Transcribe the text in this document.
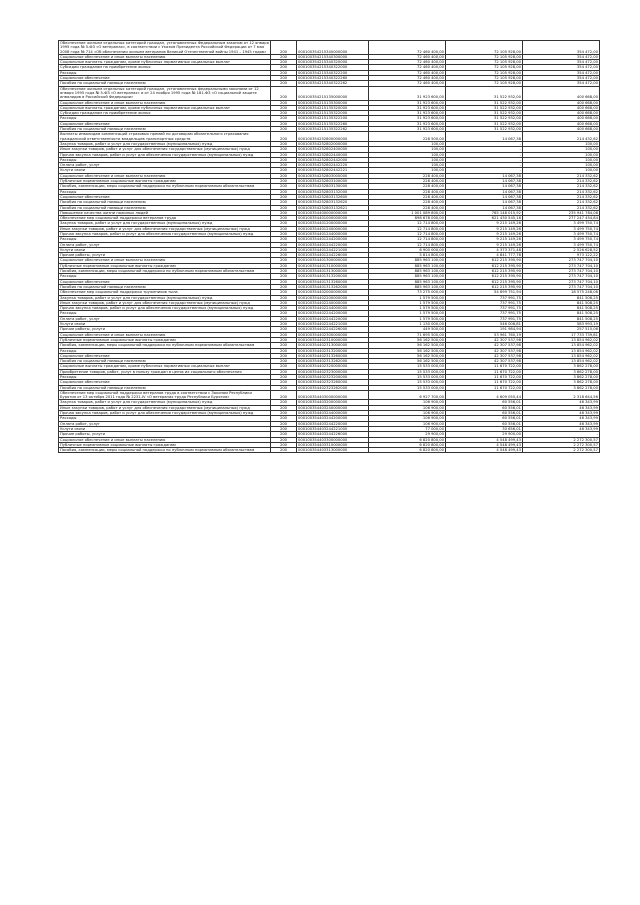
Обеспечение жильем отдельных категорий граждан, установленных Федеральным законом от 12 января 1995 года № 5-ФЗ «О ветеранах», в соответствии с Указом Президента Российской Федерации от 7 мая 2008 года № 714 «Об обеспечении жильем ветеранов Великой Отечественной войны 1941 – 1945 годов»	200	000100354215340000000	72 460 400,00	72 105 928,00	354 472,00
Социальное обеспечение и иные выплаты населению	200	000100354215340300000	72 460 400,00	72 105 928,00	354 472,00
Социальные выплаты гражданам, кроме публичных нормативных социальных выплат	200	000100354215340320000	72 460 400,00	72 105 928,00	354 472,00
Субсидии гражданам на приобретение жилья	200	000100354215340322000	72 460 400,00	72 105 928,00	354 472,00
Расходы	200	000100354215340322200	72 460 400,00	72 105 928,00	354 472,00
Социальное обеспечение	200	000100354215340322260	72 460 400,00	72 105 928,00	354 472,00
Пособия по социальной помощи населению	200	000100354215340322262	72 460 400,00	72 105 928,00	354 472,00
Обеспечение жильем отдельных категорий граждан, установленных федеральными законами от 12 января 1995 года № 5-ФЗ «О ветеранах» и от 24 ноября 1995 года № 181-ФЗ «О социальной защите инвалидов в Российской Федерации»	200	000100354215135000000	31 923 600,00	31 522 932,00	400 668,00
Социальное обеспечение и иные выплаты населению	200	000100354215135300000	31 923 600,00	31 522 932,00	400 668,00
Социальные выплаты гражданам, кроме публичных нормативных социальных выплат	200	000100354215135320000	31 923 600,00	31 522 932,00	400 668,00
Субсидии гражданам на приобретение жилья	200	000100354215135322000	31 923 600,00	31 522 932,00	400 668,00
Расходы	200	000100354215135322200	31 923 600,00	31 522 932,00	400 668,00
Социальное обеспечение	200	000100354215135322260	31 923 600,00	31 522 932,00	400 668,00
Пособия по социальной помощи населению	200	000100354215135322262	31 923 600,00	31 522 932,00	400 668,00
Выплаты инвалидам компенсаций страховых премий по договорам обязательного страхования гражданской ответственности владельцев транспортных средств	200	000100354252800000000	228 500,00	14 067,38	214 432,62
Закупка товаров, работ и услуг для государственных (муниципальных) нужд	200	000100354252802000000	100,00	-	100,00
Иные закупки товаров, работ и услуг для обеспечения государственных (муниципальных) нужд	200	000100354252802400000	100,00	-	100,00
Прочая закупка товаров, работ и услуг для обеспечения государственных (муниципальных) нужд	200	000100354252802440000	100,00	-	100,00
Расходы	200	000100354252802442000	100,00	-	100,00
Оплата работ, услуг	200	000100354252802442220	100,00	-	100,00
Услуги связи	200	000100354252802442221	100,00	-	100,00
Социальное обеспечение и иные выплаты населению	200	000100354252803000000	228 400,00	14 067,38	214 332,62
Публичные нормативные социальные выплаты гражданам	200	000100354252803100000	228 400,00	14 067,38	214 332,62
Пособия, компенсации, меры социальной поддержки по публичным нормативным обязательствам	200	000100354252803130000	228 400,00	14 067,38	214 332,62
Расходы	200	000100354252803132000	228 400,00	14 067,38	214 332,62
Социальное обеспечение	200	000100354252803132600	228 400,00	14 067,38	214 332,62
Пособия по социальной помощи населению	200	000100354252803132620	228 400,00	14 067,38	214 332,62
Пособия по социальной помощи населению	200	000100354252803132621	228 400,00	14 067,38	214 332,62
Повышение качества жизни пожилых людей	200	000100354400000000000	1 001 089 800,00	765 148 015,92	235 941 784,08
Обеспечение мер социальной поддержки ветеранов труда	200	000100354401000000000	898 678 000,00	621 430 545,16	277 247 454,84
Закупка товаров, работ и услуг для государственных (муниципальных) нужд	200	000100354401200000000	12 714 800,00	9 215 149,26	3 499 750,74
Иные закупки товаров, работ и услуг для обеспечения государственных (муниципальных) нужд	200	000100354401240000000	12 714 800,00	9 215 149,26	3 499 750,74
Прочая закупка товаров, работ и услуг для обеспечения государственных (муниципальных) нужд	200	000100354401244000000	12 714 800,00	9 215 149,26	3 499 750,74
Расходы	200	000100354401244200000	12 714 800,00	9 215 149,26	3 499 750,74
Оплата работ, услуг	200	000100354401244220000	12 714 800,00	9 215 149,26	3 499 750,74
Услуги связи	200	000100354401244221000	6 900 000,00	4 373 371,48	2 526 628,52
Прочие работы, услуги	200	000100354401244226000	5 814 800,00	4 841 777,78	973 122,22
Социальное обеспечение и иные выплаты населению	200	000100354401300000000	885 963 100,00	612 215 395,90	273 747 704,10
Публичные нормативные социальные выплаты гражданам	200	000100354401310000000	885 963 100,00	612 215 395,90	273 747 704,10
Пособия, компенсации, меры социальной поддержки по публичным нормативным обязательствам	200	000100354401313000000	885 963 100,00	612 215 395,90	273 747 704,10
Расходы	200	000100354401313200000	885 963 100,00	612 215 395,90	273 747 704,10
Социальное обеспечение	200	000100354401313260000	885 963 100,00	612 215 395,90	273 747 704,10
Пособия по социальной помощи населению	200	000100354401313262000	885 963 100,00	612 215 395,90	273 747 704,10
Обеспечение мер социальной поддержки тружеников тыла	200	000100354402000000000	73 275 000,00	54 699 751,94	18 575 248,06
Закупка товаров, работ и услуг для государственных (муниципальных) нужд	200	000100354402200000000	1 579 500,00	737 991,75	841 508,25
Иные закупки товаров, работ и услуг для обеспечения государственных (муниципальных) нужд	200	000100354402240000000	1 579 500,00	737 991,75	841 508,25
Прочая закупка товаров, работ и услуг для обеспечения государственных (муниципальных) нужд	200	000100354402244000000	1 579 500,00	737 991,75	841 508,25
Расходы	200	000100354402244200000	1 579 500,00	737 991,75	841 508,25
Оплата работ, услуг	200	000100354402244220000	1 579 500,00	737 991,75	841 508,25
Услуги связи	200	000100354402244221000	1 130 000,00	546 006,81	583 993,19
Прочие работы, услуги	200	000100354402244226000	449 500,00	191 984,94	257 515,06
Социальное обеспечение и иные выплаты населению	200	000100354402300000000	71 695 500,00	53 961 760,19	17 733 739,81
Публичные нормативные социальные выплаты гражданам	200	000100354402310000000	56 162 500,00	42 307 537,98	13 854 962,02
Пособия, компенсации, меры социальной поддержки по публичным нормативным обязательствам	200	000100354402313000000	56 162 500,00	42 307 537,98	13 854 962,02
Расходы	200	000100354402313200000	56 162 500,00	42 307 537,98	13 854 962,02
Социальное обеспечение	200	000100354402313260000	56 162 500,00	42 307 537,98	13 854 962,02
Пособия по социальной помощи населению	200	000100354402313262000	56 162 500,00	42 307 537,98	13 854 962,02
Социальные выплаты гражданам, кроме публичных нормативных социальных выплат	200	000100354402320000000	15 533 000,00	11 670 722,00	3 862 278,00
Приобретение товаров, работ, услуг в пользу граждан в целях их социального обеспечения	200	000100354402323000000	15 533 000,00	11 670 722,00	3 862 278,00
Расходы	200	000100354402323200000	15 533 000,00	11 670 722,00	3 862 278,00
Социальное обеспечение	200	000100354402323260000	15 533 000,00	11 670 722,00	3 862 278,00
Пособия по социальной помощи населению	200	000100354402323262000	15 533 000,00	11 670 722,00	3 862 278,00
Обеспечение мер социальной поддержки ветеранов труда в соответствии с Законом Республики Бурятия от 13 октября 2011 года № 2231-IV «О ветеранах труда Республики Бурятия»	200	000100354403000000000	6 927 700,00	4 609 055,44	2 318 644,56
Закупка товаров, работ и услуг для государственных (муниципальных) нужд	200	000100354403200000000	106 900,00	60 556,01	46 343,99
Иные закупки товаров, работ и услуг для обеспечения государственных (муниципальных) нужд	200	000100354403240000000	106 900,00	60 556,01	46 343,99
Прочая закупка товаров, работ и услуг для обеспечения государственных (муниципальных) нужд	200	000100354403244000000	106 900,00	60 556,01	46 343,99
Расходы	200	000100354403244200000	106 900,00	60 556,01	46 343,99
Оплата работ, услуг	200	000100354403244220000	106 900,00	60 556,01	46 343,99
Услуги связи	200	000100354403244221000	77 000,00	30 656,01	46 343,99
Прочие работы, услуги	200	000100354403244226000	29 900,00	29 900,00	-
Социальное обеспечение и иные выплаты населению	200	000100354403300000000	6 820 800,00	4 548 499,43	2 272 300,57
Публичные нормативные социальные выплаты гражданам	200	000100354403310000000	6 820 800,00	4 548 499,43	2 272 300,57
Пособия, компенсации, меры социальной поддержки по публичным нормативным обязательствам	200	000100354403313000000	6 820 800,00	4 548 499,43	2 272 300,57
